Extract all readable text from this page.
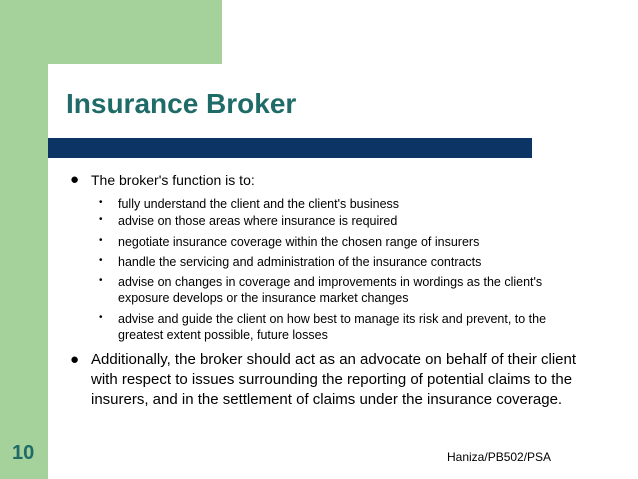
Insurance Broker
● The broker's function is to:
• fully understand the client and the client's business
• advise on those areas where insurance is required
• negotiate insurance coverage within the chosen range of insurers
• handle the servicing and administration of the insurance contracts
• advise on changes in coverage and improvements in wordings as the client's exposure develops or the insurance market changes
• advise and guide the client on how best to manage its risk and prevent, to the greatest extent possible, future losses
● Additionally, the broker should act as an advocate on behalf of their client with respect to issues surrounding the reporting of potential claims to the insurers, and in the settlement of claims under the insurance coverage.

10	Haniza/PB502/PSA
